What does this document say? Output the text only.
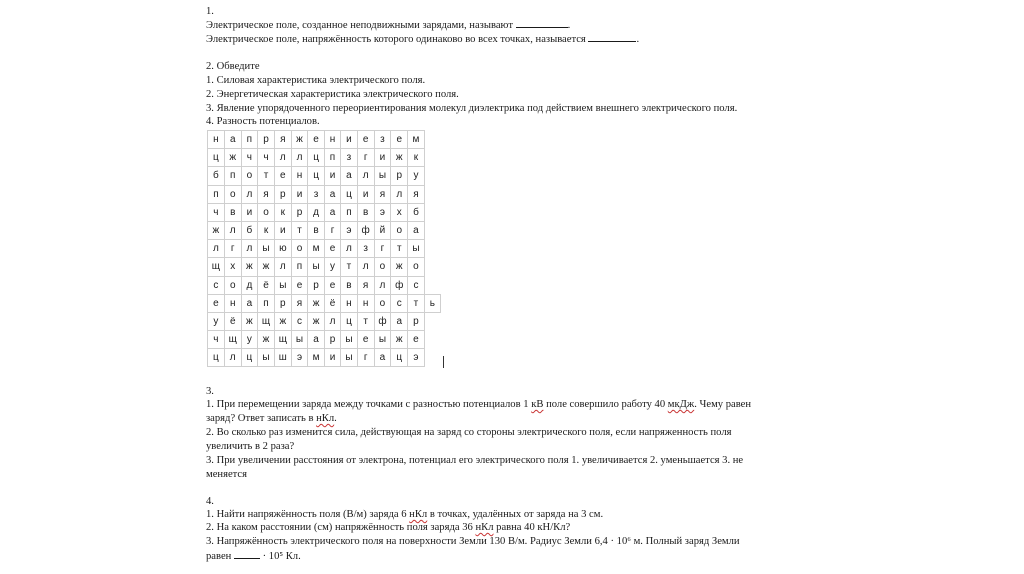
1.
Электрическое поле, созданное неподвижными зарядами, называют	.
Электрическое поле, напряжённость которого одинаково во всех точках, называется	.
2. Обведите
1. Силовая характеристика электрического поля.
2. Энергетическая характеристика электрического поля.
3. Явление упорядоченного переориентирования молекул диэлектрика под действием внешнего электрического поля.
4. Разность потенциалов.
н	а	п	р	я	ж	е	н	и	е	з	е	м	
ц	ж	ч	ч	л	л	ц	п	з	г	и	ж	к	
б	п	о	т	е	н	ц	и	а	л	ы	р	у	
п	о	л	я	р	и	з	а	ц	и	я	л	я	
ч	в	и	о	к	р	д	а	п	в	э	х	б	
ж	л	б	к	и	т	в	г	э	ф	й	о	а	
л	г	л	ы	ю	о	м	е	л	з	г	т	ы	
щ	х	ж	ж	л	п	ы	у	т	л	о	ж	о	
с	о	д	ё	ы	е	р	е	в	я	л	ф	с	
е	н	а	п	р	я	ж	ё	н	н	о	с	т	ь
у	ё	ж	щ	ж	с	ж	л	ц	т	ф	а	р	
ч	щ	у	ж	щ	ы	а	р	ы	е	ы	ж	е	
ц	л	ц	ы	ш	э	м	и	ы	г	а	ц	э	
3.
1. При перемещении заряда между точками с разностью потенциалов 1 кВ поле совершило работу 40 мкДж. Чему равен
заряд? Ответ записать в нКл.
2. Во сколько раз изменится сила, действующая на заряд со стороны электрического поля, если напряженность поля
увеличить в 2 раза?
3. При увеличении расстояния от электрона, потенциал его электрического поля 1. увеличивается 2. уменьшается 3. не
меняется
4.
1. Найти напряжённость поля (В/м) заряда 6 нКл в точках, удалённых от заряда на 3 см.
2. На каком расстоянии (см) напряжённость поля заряда 36 нКл равна 40 кН/Кл?
3. Напряжённость электрического поля на поверхности Земли 130 В/м. Радиус Земли 6,4 · 10⁶ м. Полный заряд Земли
равен	· 10⁵ Кл.
